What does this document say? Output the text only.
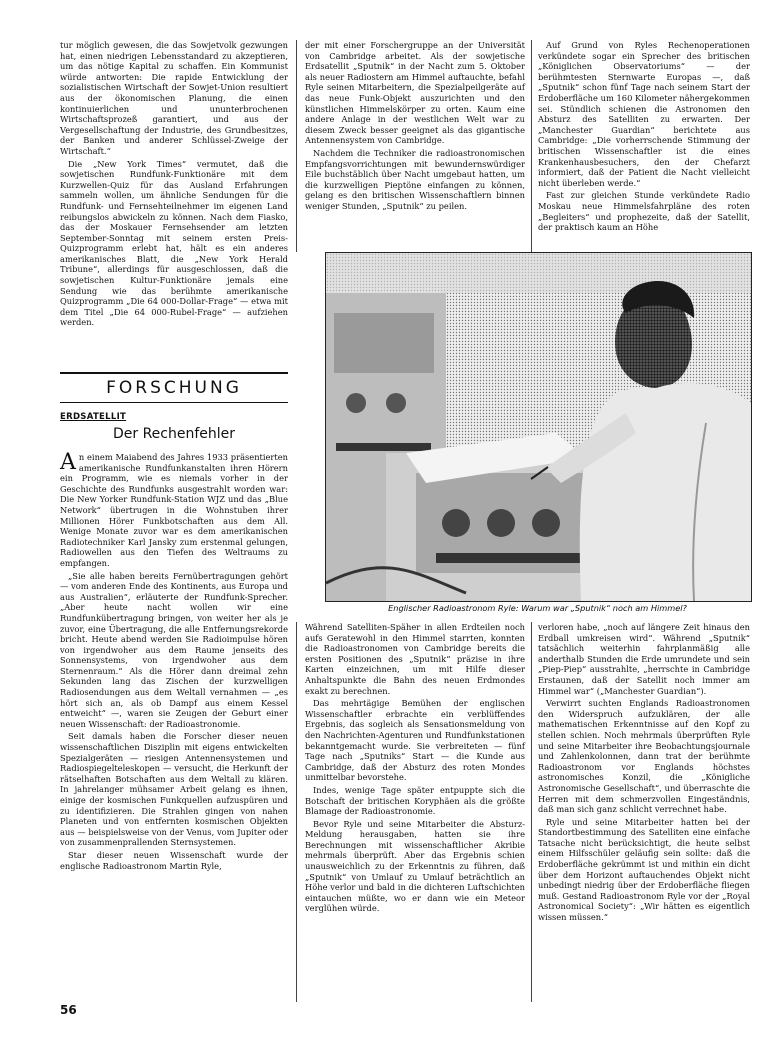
tur möglich gewesen, die das Sowjetvolk gezwungen hat, einen niedrigen Lebensstandard zu akzeptieren, um das nötige Kapital zu schaffen. Ein Kommunist würde antworten: Die rapide Entwicklung der sozialistischen Wirtschaft der Sowjet-Union resultiert aus der ökonomischen Planung, die einen kontinuierlichen und ununterbrochenen Wirtschaftsprozeß garantiert, und aus der Vergesellschaftung der Industrie, des Grundbesitzes, der Banken und anderer Schlüssel-Zweige der Wirtschaft.“

Die „New York Times“ vermutet, daß die sowjetischen Rundfunk-Funktionäre mit dem Kurzwellen-Quiz für das Ausland Erfahrungen sammeln wollen, um ähnliche Sendungen für die Rundfunk- und Fernsehteilnehmer im eigenen Land reibungslos abwickeln zu können. Nach dem Fiasko, das der Moskauer Fernsehsender am letzten September-Sonntag mit seinem ersten Preis-Quizprogramm erlebt hat, hält es ein anderes amerikanisches Blatt, die „New York Herald Tribune“, allerdings für ausgeschlossen, daß die sowjetischen Kultur-Funktionäre jemals eine Sendung wie das berühmte amerikanische Quizprogramm „Die 64 000-Dollar-Frage“ — etwa mit dem Titel „Die 64 000-Rubel-Frage“ — aufziehen werden.

FORSCHUNG
ERDSATELLIT
Der Rechenfehler

An einem Maiabend des Jahres 1933 präsentierten amerikanische Rundfunkanstalten ihren Hörern ein Programm, wie es niemals vorher in der Geschichte des Rundfunks ausgestrahlt worden war: Die New Yorker Rundfunk-Station WJZ und das „Blue Network“ übertrugen in die Wohnstuben ihrer Millionen Hörer Funkbotschaften aus dem All. Wenige Monate zuvor war es dem amerikanischen Radiotechniker Karl Jansky zum erstenmal gelungen, Radiowellen aus den Tiefen des Weltraums zu empfangen.

„Sie alle haben bereits Fernübertragungen gehört — vom anderen Ende des Kontinents, aus Europa und aus Australien“, erläuterte der Rundfunk-Sprecher. „Aber heute nacht wollen wir eine Rundfunkübertragung bringen, von weiter her als je zuvor, eine Übertragung, die alle Entfernungsrekorde bricht. Heute abend werden Sie Radioimpulse hören von irgendwoher aus dem Raume jenseits des Sonnensystems, von irgendwoher aus dem Sternenraum.“ Als die Hörer dann dreimal zehn Sekunden lang das Zischen der kurzwelligen Radiosendungen aus dem Weltall vernahmen — „es hört sich an, als ob Dampf aus einem Kessel entweicht“ —, waren sie Zeugen der Geburt einer neuen Wissenschaft: der Radioastronomie.

Seit damals haben die Forscher dieser neuen wissenschaftlichen Disziplin mit eigens entwickelten Spezialgeräten — riesigen Antennensystemen und Radiospiegelteleskopen — versucht, die Herkunft der rätselhaften Botschaften aus dem Weltall zu klären. In jahrelanger mühsamer Arbeit gelang es ihnen, einige der kosmischen Funkquellen aufzuspüren und zu identifizieren. Die Strahlen gingen von nahen Planeten und von entfernten kosmischen Objekten aus — beispielsweise von der Venus, vom Jupiter oder von zusammenprallenden Sternsystemen.

Star dieser neuen Wissenschaft wurde der englische Radioastronom Martin Ryle,

der mit einer Forschergruppe an der Universität von Cambridge arbeitet. Als der sowjetische Erdsatellit „Sputnik“ in der Nacht zum 5. Oktober als neuer Radiostern am Himmel auftauchte, befahl Ryle seinen Mitarbeitern, die Spezialpeilgeräte auf das neue Funk-Objekt auszurichten und den künstlichen Himmelskörper zu orten. Kaum eine andere Anlage in der westlichen Welt war zu diesem Zweck besser geeignet als das gigantische Antennensystem von Cambridge.

Nachdem die Techniker die radioastronomischen Empfangsvorrichtungen mit bewundernswürdiger Eile buchstäblich über Nacht umgebaut hatten, um die kurzwelligen Pieptöne einfangen zu können, gelang es den britischen Wissenschaftlern binnen weniger Stunden, „Sputnik“ zu peilen.

Auf Grund von Ryles Rechenoperationen verkündete sogar ein Sprecher des britischen „Königlichen Observatoriums“ — der berühmtesten Sternwarte Europas —, daß „Sputnik“ schon fünf Tage nach seinem Start der Erdoberfläche um 160 Kilometer nähergekommen sei. Stündlich schienen die Astronomen den Absturz des Satelliten zu erwarten. Der „Manchester Guardian“ berichtete aus Cambridge: „Die vorherrschende Stimmung der britischen Wissenschaftler ist die eines Krankenhausbesuchers, den der Chefarzt informiert, daß der Patient die Nacht vielleicht nicht überleben werde.“

Fast zur gleichen Stunde verkündete Radio Moskau neue Himmelsfahrpläne des roten „Begleiters“ und prophezeite, daß der Satellit, der praktisch kaum an Höhe

Englischer Radioastronom Ryle: Warum war „Sputnik“ noch am Himmel?

Während Satelliten-Späher in allen Erdteilen noch aufs Geratewohl in den Himmel starrten, konnten die Radioastronomen von Cambridge bereits die ersten Positionen des „Sputnik“ präzise in ihre Karten einzeichnen, um mit Hilfe dieser Anhaltspunkte die Bahn des neuen Erdmondes exakt zu berechnen.

Das mehrtägige Bemühen der englischen Wissenschaftler erbrachte ein verblüffendes Ergebnis, das sogleich als Sensationsmeldung von den Nachrichten-Agenturen und Rundfunkstationen bekanntgemacht wurde. Sie verbreiteten — fünf Tage nach „Sputniks“ Start — die Kunde aus Cambridge, daß der Absturz des roten Mondes unmittelbar bevorstehe.

Indes, wenige Tage später entpuppte sich die Botschaft der britischen Koryphäen als die größte Blamage der Radioastronomie.

Bevor Ryle und seine Mitarbeiter die Absturz-Meldung herausgaben, hatten sie ihre Berechnungen mit wissenschaftlicher Akribie mehrmals überprüft. Aber das Ergebnis schien unausweichlich zu der Erkenntnis zu führen, daß „Sputnik“ von Umlauf zu Umlauf beträchtlich an Höhe verlor und bald in die dichteren Luftschichten eintauchen müßte, wo er dann wie ein Meteor verglühen würde.

verloren habe, „noch auf längere Zeit hinaus den Erdball umkreisen wird“. Während „Sputnik“ tatsächlich weiterhin fahrplanmäßig alle anderthalb Stunden die Erde umrundete und sein „Piep-Piep“ ausstrahlte, „herrschte in Cambridge Erstaunen, daß der Satellit noch immer am Himmel war“ („Manchester Guardian“).

Verwirrt suchten Englands Radioastronomen den Widerspruch aufzuklären, der alle mathematischen Erkenntnisse auf den Kopf zu stellen schien. Noch mehrmals überprüften Ryle und seine Mitarbeiter ihre Beobachtungsjournale und Zahlenkolonnen, dann trat der berühmte Radioastronom vor Englands höchstes astronomisches Konzil, die „Königliche Astronomische Gesellschaft“, und überraschte die Herren mit dem schmerzvollen Eingeständnis, daß man sich ganz schlicht verrechnet habe.

Ryle und seine Mitarbeiter hatten bei der Standortbestimmung des Satelliten eine einfache Tatsache nicht berücksichtigt, die heute selbst einem Hilfsschüler geläufig sein sollte: daß die Erdoberfläche gekrümmt ist und mithin ein dicht über dem Horizont auftauchendes Objekt nicht unbedingt niedrig über der Erdoberfläche fliegen muß. Gestand Radioastronom Ryle vor der „Royal Astronomical Society“: „Wir hätten es eigentlich wissen müssen.“

56
